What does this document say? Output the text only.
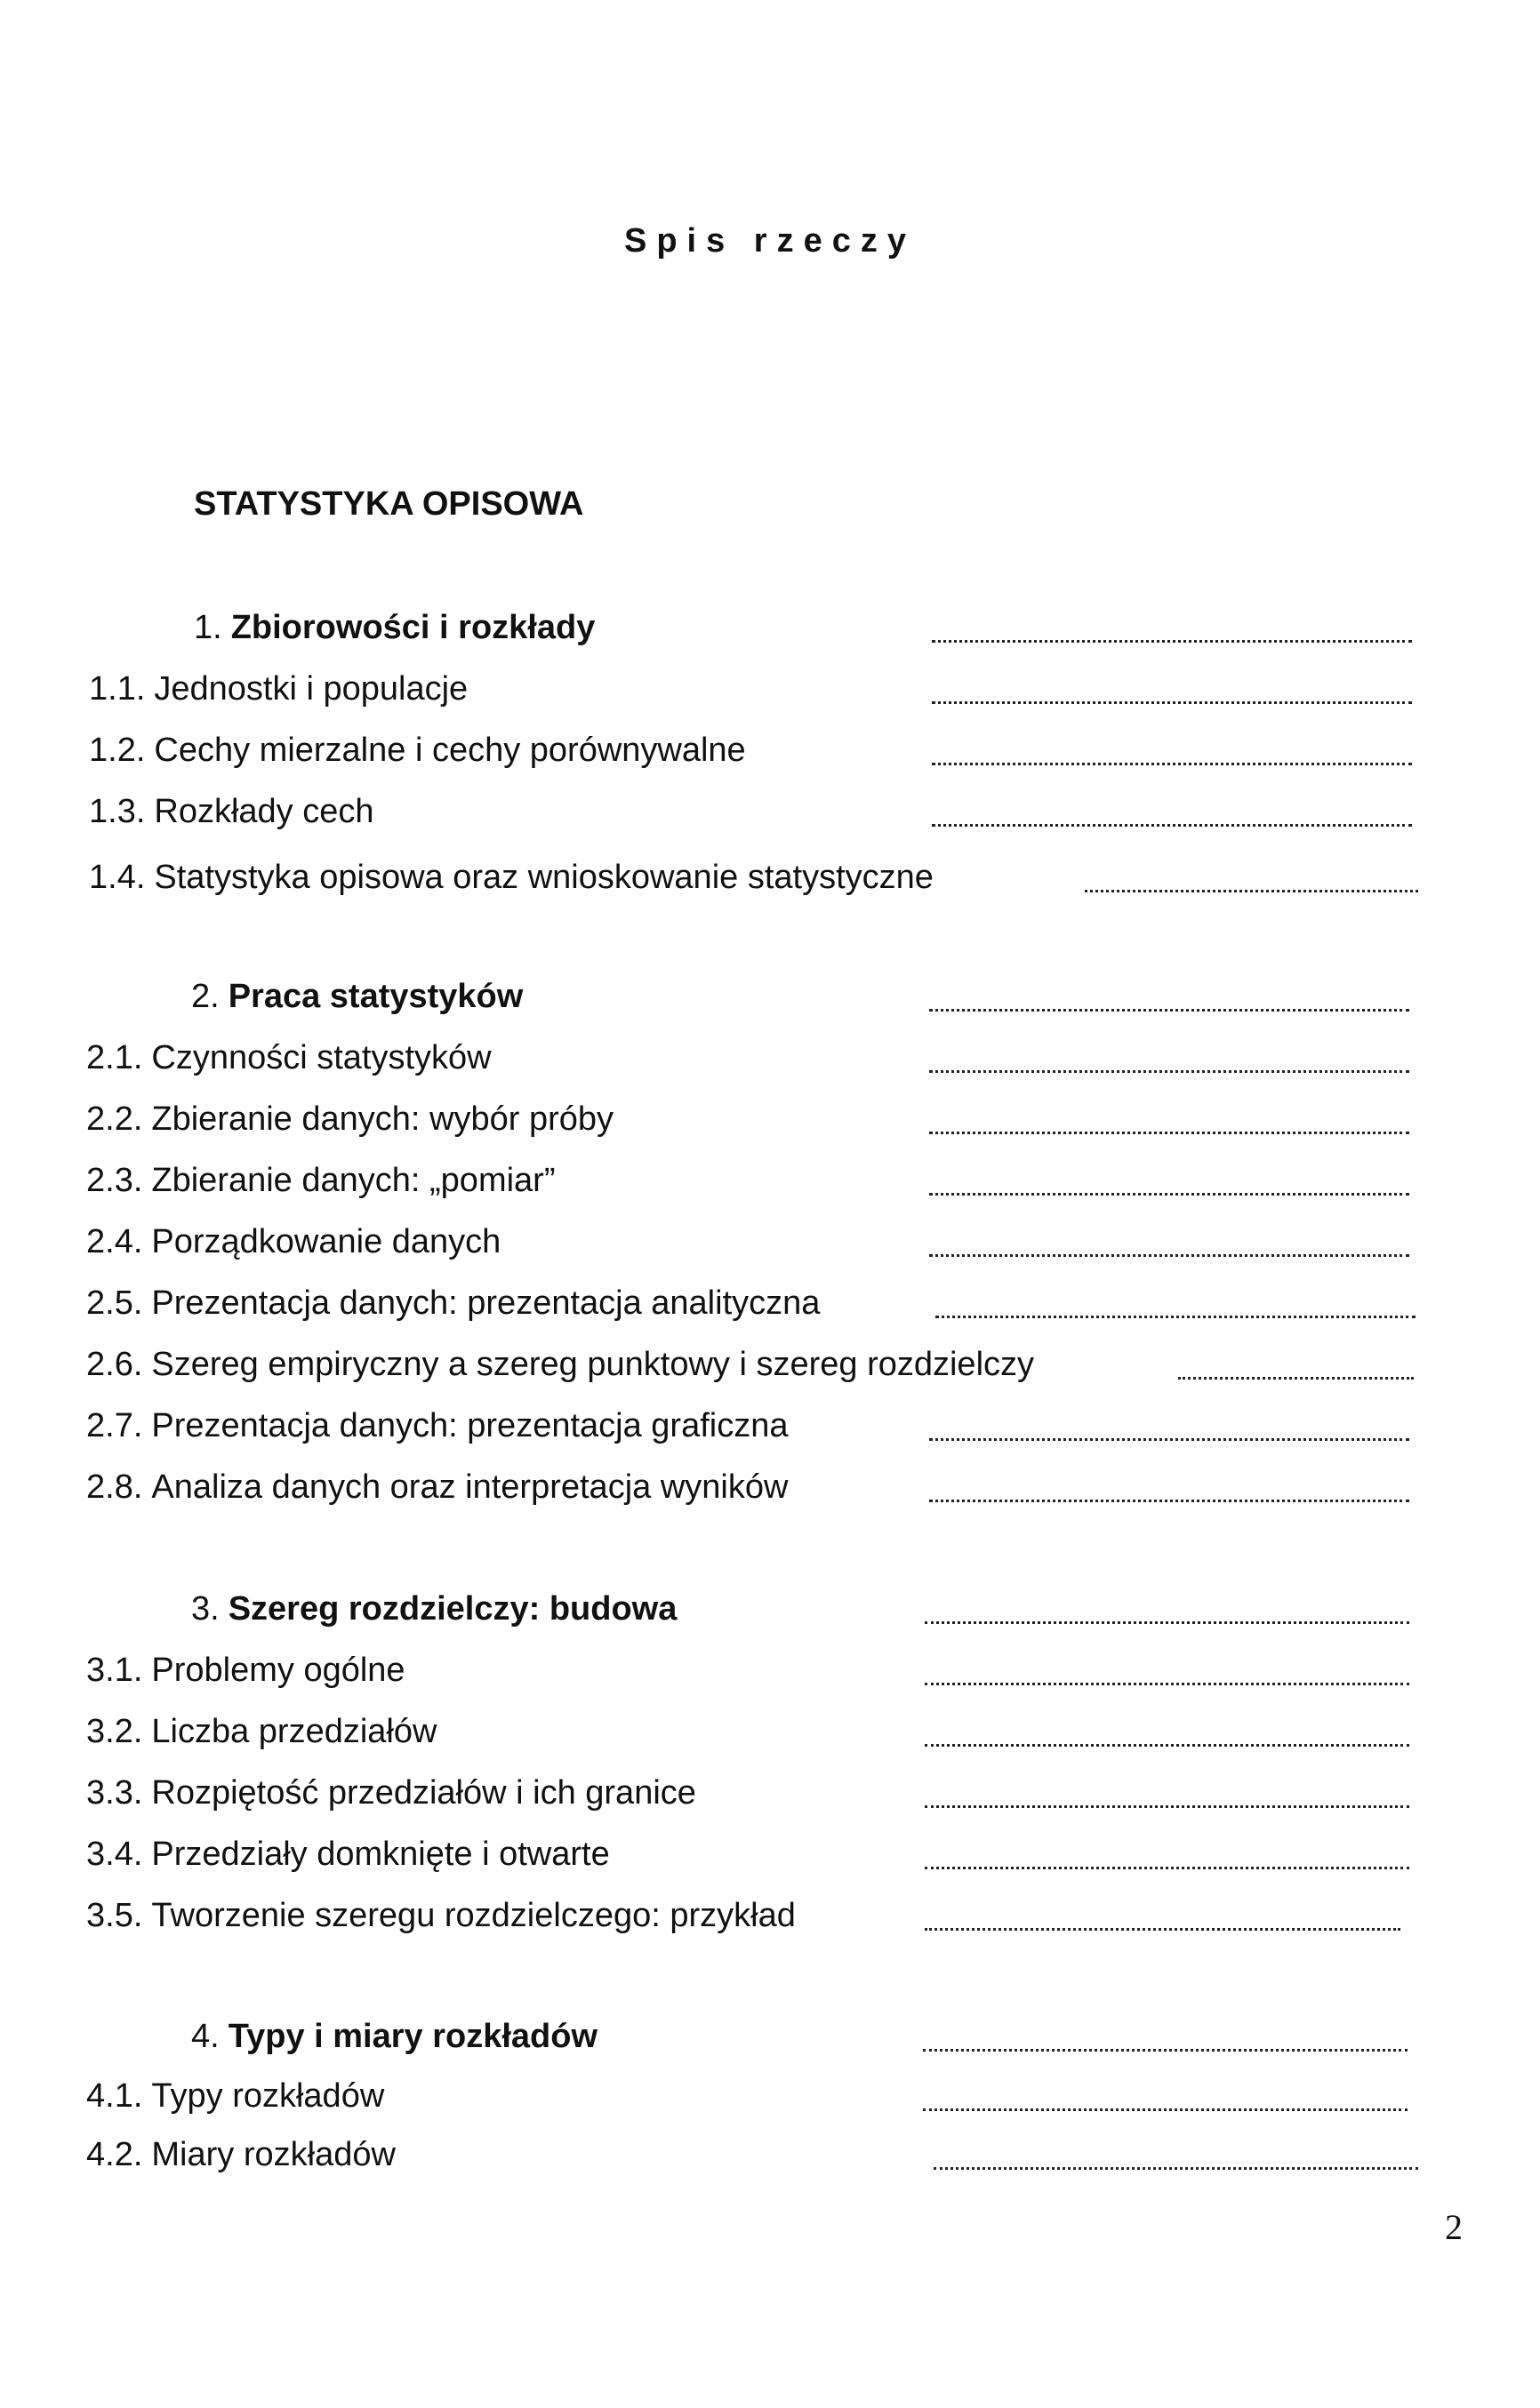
Spis rzeczy
STATYSTYKA OPISOWA
1. Zbiorowości i rozkłady
1.1. Jednostki i populacje
1.2. Cechy mierzalne i cechy porównywalne
1.3. Rozkłady cech
1.4. Statystyka opisowa oraz wnioskowanie statystyczne
2. Praca statystyków
2.1. Czynności statystyków
2.2. Zbieranie danych: wybór próby
2.3. Zbieranie danych: „pomiar”
2.4. Porządkowanie danych
2.5. Prezentacja danych: prezentacja analityczna
2.6. Szereg empiryczny a szereg punktowy i szereg rozdzielczy
2.7. Prezentacja danych: prezentacja graficzna
2.8. Analiza danych oraz interpretacja wyników
3. Szereg rozdzielczy: budowa
3.1. Problemy ogólne
3.2. Liczba przedziałów
3.3. Rozpiętość przedziałów i ich granice
3.4. Przedziały domknięte i otwarte
3.5. Tworzenie szeregu rozdzielczego: przykład
4. Typy i miary rozkładów
4.1. Typy rozkładów
4.2. Miary rozkładów
2
